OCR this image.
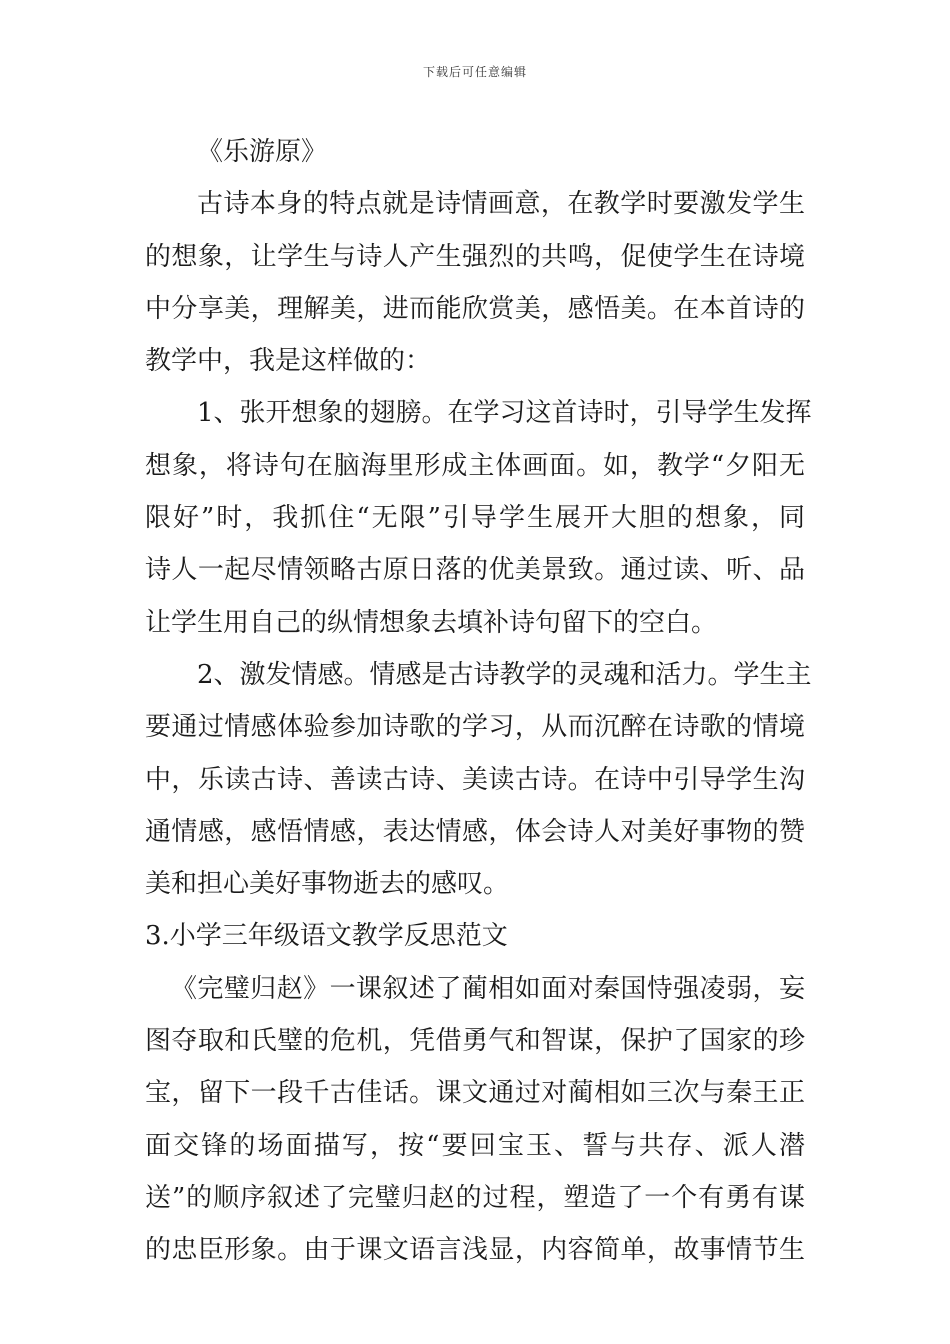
下载后可任意编辑
《乐游原》
古诗本身的特点就是诗情画意，在教学时要激发学生
的想象，让学生与诗人产生强烈的共鸣，促使学生在诗境
中分享美，理解美，进而能欣赏美，感悟美。在本首诗的
教学中，我是这样做的：
1、张开想象的翅膀。在学习这首诗时，引导学生发挥
想象，将诗句在脑海里形成主体画面。如，教学“夕阳无
限好”时，我抓住“无限”引导学生展开大胆的想象，同
诗人一起尽情领略古原日落的优美景致。通过读、听、品
让学生用自己的纵情想象去填补诗句留下的空白。
2、激发情感。情感是古诗教学的灵魂和活力。学生主
要通过情感体验参加诗歌的学习，从而沉醉在诗歌的情境
中，乐读古诗、善读古诗、美读古诗。在诗中引导学生沟
通情感，感悟情感，表达情感，体会诗人对美好事物的赞
美和担心美好事物逝去的感叹。
3.小学三年级语文教学反思范文
《完璧归赵》一课叙述了蔺相如面对秦国恃强凌弱，妄
图夺取和氏璧的危机，凭借勇气和智谋，保护了国家的珍
宝，留下一段千古佳话。课文通过对蔺相如三次与秦王正
面交锋的场面描写，按“要回宝玉、誓与共存、派人潜
送”的顺序叙述了完璧归赵的过程，塑造了一个有勇有谋
的忠臣形象。由于课文语言浅显，内容简单，故事情节生
